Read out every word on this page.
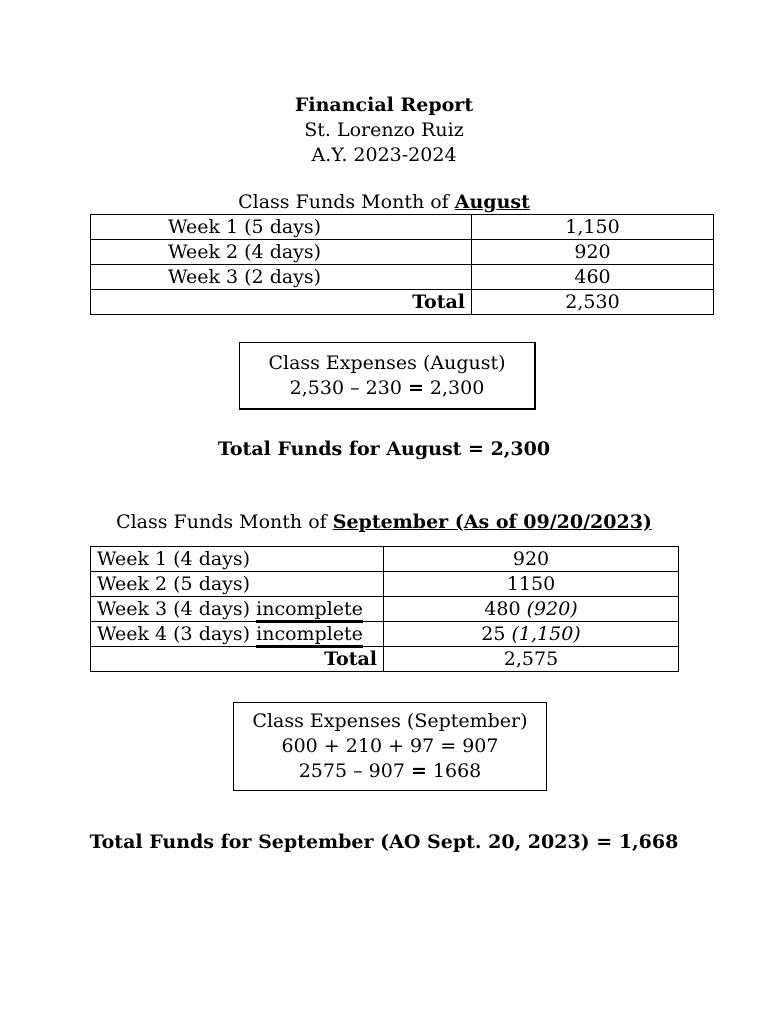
Financial Report
St. Lorenzo Ruiz
A.Y. 2023-2024
Class Funds Month of August
Week 1 (5 days)	1,150
Week 2 (4 days)	920
Week 3 (2 days)	460
Total	2,530
Class Expenses (August)
2,530 – 230 = 2,300
Total Funds for August = 2,300
Class Funds Month of September (As of 09/20/2023)
Week 1 (4 days)	920
Week 2 (5 days)	1150
Week 3 (4 days) incomplete	480 (920)
Week 4 (3 days) incomplete	25 (1,150)
Total	2,575
Class Expenses (September)
600 + 210 + 97 = 907
2575 – 907 = 1668
Total Funds for September (AO Sept. 20, 2023) = 1,668
